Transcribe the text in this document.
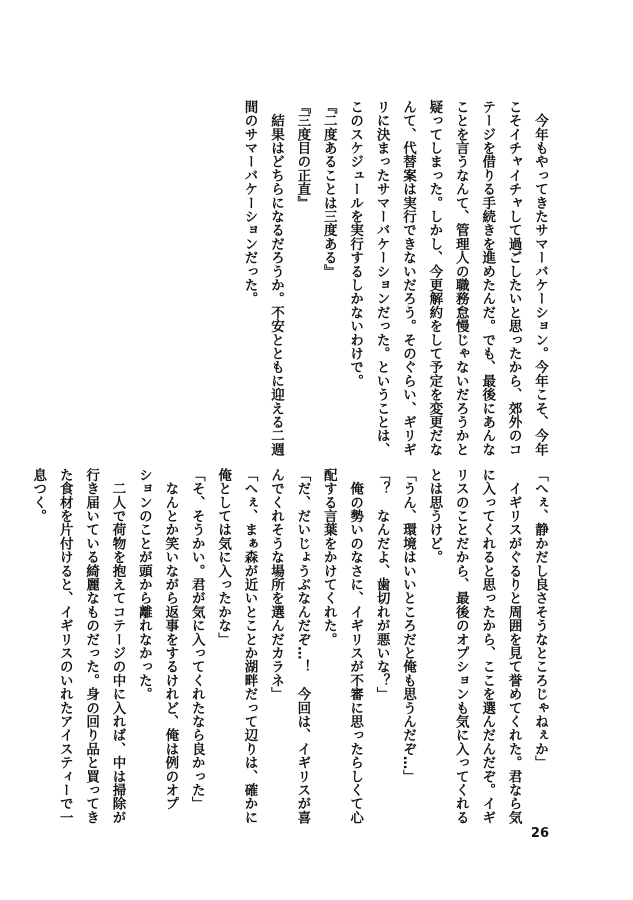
　今年もやってきたサマーバケーション。今年こそ、今年
こそイチャイチャして過ごしたいと思ったから、郊外のコ
テージを借りる手続きを進めたんだ。でも、最後にあんな
ことを言うなんて、管理人の職務怠慢じゃないだろうかと
疑ってしまった。しかし、今更解約をして予定を変更だな
んて、代替案は実行できないだろう。そのぐらい、ギリギ
リに決まったサマーバケーションだった。ということは、
このスケジュールを実行するしかないわけで。
『二度あることは三度ある』
『三度目の正直』
　結果はどちらになるだろうか。不安とともに迎える二週
間のサマーバケーションだった。
「へぇ、静かだし良さそうなところじゃねぇか」
　イギリスがぐるりと周囲を見て誉めてくれた。君なら気
に入ってくれると思ったから、ここを選んだんだぞ。イギ
リスのことだから、最後のオプションも気に入ってくれる
とは思うけど。
「うん、環境はいいところだと俺も思うんだぞ…」
「？　なんだよ、歯切れが悪いな？」
　俺の勢いのなさに、イギリスが不審に思ったらしくて心
配する言葉をかけてくれた。
「だ、だいじょうぶなんだぞ…！　今回は、イギリスが喜
んでくれそうな場所を選んだカラネ」
「へぇ、まぁ森が近いとことか湖畔だって辺りは、確かに
俺としては気に入ったかな」
「そ、そうかい。君が気に入ってくれたなら良かった」
　なんとか笑いながら返事をするけれど、俺は例のオプ
ションのことが頭から離れなかった。
　二人で荷物を抱えてコテージの中に入れば、中は掃除が
行き届いている綺麗なものだった。身の回り品と買ってき
た食材を片付けると、イギリスのいれたアイスティーで一
息つく。
26
